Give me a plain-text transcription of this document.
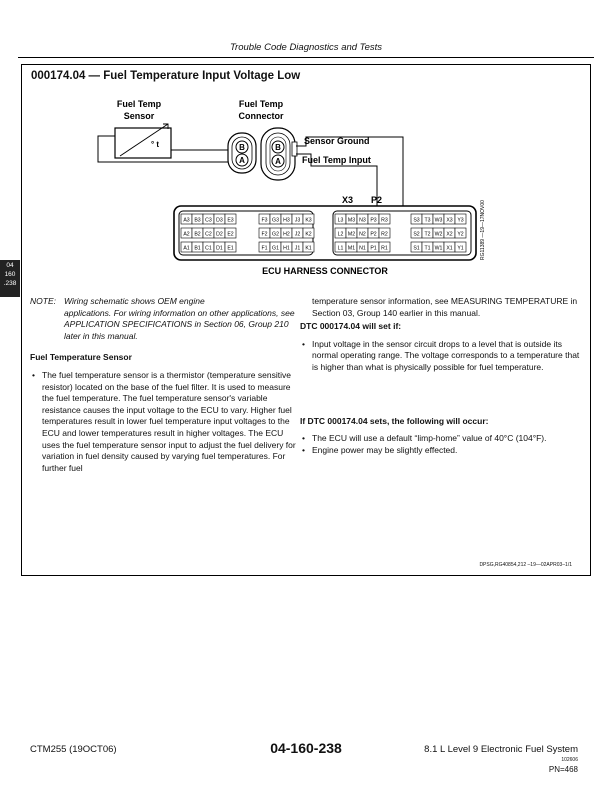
Trouble Code Diagnostics and Tests
000174.04 — Fuel Temperature Input Voltage Low
Fuel Temp
Sensor
Fuel Temp
Connector
° t	B
A
B
A
Sensor Ground
Fuel Temp Input
X3 P2
A3 B3 C3 D3 E3	F3 G3 H3 J3 K3
A2 B2 C2 D2 E2	F2 G2 H2 J2 K2
A1 B1 C1 D1 E1	F1 G1 H1 J1 K1
L3 M3 N3 P3 R3	S3 T3 W3 X3 Y3
L2 M2 N2 P2 R2	S2 T2 W2 X2 Y2
L1 M1 N1 P1 R1	S1 T1 W1 X1 Y1
ECU HARNESS CONNECTOR
RG11389 —19—17NOV00
04
160
.238
NOTE: Wiring schematic shows OEM engine
applications. For wiring information on other applications, see APPLICATION SPECIFICATIONS in Section 06, Group 210 later in this manual.
Fuel Temperature Sensor
• The fuel temperature sensor is a thermistor (temperature sensitive resistor) located on the base of the fuel filter. It is used to measure the fuel temperature. The fuel temperature sensor's variable resistance causes the input voltage to the ECU to vary. Higher fuel temperatures result in lower fuel temperature input voltages to the ECU and lower temperatures result in higher voltages. The ECU uses the fuel temperature sensor input to adjust the fuel delivery for variation in fuel density caused by varying fuel temperatures. For further fuel
temperature sensor information, see MEASURING TEMPERATURE in Section 03, Group 140 earlier in this manual.
DTC 000174.04 will set if:
• Input voltage in the sensor circuit drops to a level that is outside its normal operating range. The voltage corresponds to a temperature that is higher than what is physically possible for fuel temperature.
If DTC 000174.04 sets, the following will occur:
• The ECU will use a default “limp-home” value of 40°C (104°F).
• Engine power may be slightly effected.
DPSG,RG40854,212 –19—02APR03–1/1
CTM255 (19OCT06)	04-160-238	8.1 L Level 9 Electronic Fuel System
102606
PN=468
